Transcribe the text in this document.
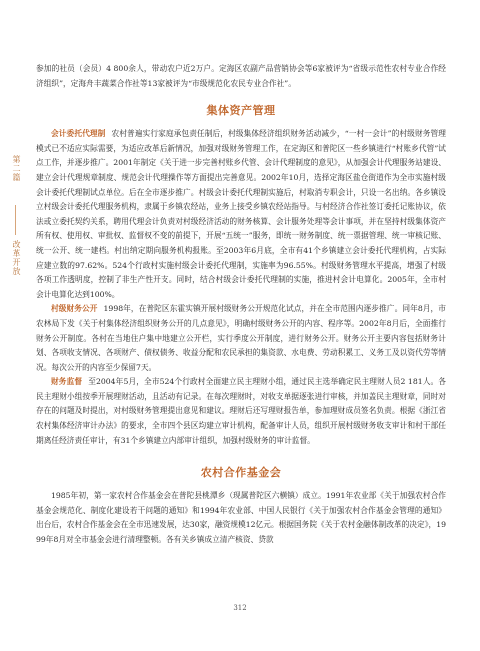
第二篇
改革开放

参加的社员（会员）4 800余人，带动农户近2万户。定海区农副产品营销协会等6家被评为“省级示范性农村专业合作经济组织”，定海舟丰蔬菜合作社等13家被评为“市级规范化农民专业合作社”。

集体资产管理

会计委托代理制 农村普遍实行家庭承包责任制后，村级集体经济组织财务活动减少，“一村一会计”的村级财务管理模式已不适应实际需要，为适应改革后新情况，加强对级财务管理工作，在定海区和普陀区一些乡镇进行“村账乡代管”试点工作，并逐步推广。2001年制定《关于进一步完善村账乡代管、会计代理制度的意见》，从加强会计代理服务站建设、建立会计代理规章制度、规范会计代理操作等方面提出完善意见。2002年10月，选择定海区盐仓街道作为全市实施村级会计委托代理制试点单位。后在全市逐步推广。村级会计委托代理制实施后，村取消专职会计，只设一名出纳。各乡镇设立村级会计委托代理服务机构，隶属于乡镇农经站，业务上接受乡镇农经站指导。与村经济合作社签订委托记账协议，依法或立委托契约关系，聘用代理会计负责对村级经济活动的财务核算、会计服务处理等会计事项，并在坚持村级集体资产所有权、使用权、审批权、监督权不变的前提下，开展“五统一”服务，即统一财务制度、统一票据管理、统一审核记账、统一公开、统一建档。村出纳定期向服务机构报账。至2003年6月底，全市有41个乡镇建立会计委托代理机构，占实际应建立数的97.62%。524个行政村实施村级会计委托代理制，实施率为96.55%。村级财务管理水平提高，增强了村级各项工作透明度，控制了非生产性开支。同时，结合村级会计委托代理制的实施，推进村会计电算化。2005年，全市村会计电算化达到100%。

村级财务公开 1998年，在普陀区东霍实镇开展村级财务公开规范化试点，并在全市范围内逐步推广。同年8月，市农林局下发《关于村集体经济组织财务公开的几点意见》，明确村级财务公开的内容、程序等。2002年8月后，全面推行财务公开制度。各村在当地住户集中地建立公开栏，实行季度公开制度，进行财务公开。财务公开主要内容包括财务计划、各项收支情况、各项财产、债权债务、收益分配和农民承担的集资款、水电费、劳动积累工、义务工及以资代劳等情况。每次公开的内容至少保留7天。

财务监督 至2004年5月，全市524个行政村全面建立民主理财小组，通过民主选举确定民主理财人员2 181人。各民主理财小组按季开展理财活动，且活动有记录。在每次理财时，对收支单据逐张进行审核，并加盖民主理财章，同时对存在的问题及时提出，对村级财务管理提出意见和建议。理财后还写理财报告单，参加理财成员签名负责。根据《浙江省农村集体经济审计办法》的要求，全市四个县区均建立审计机构，配备审计人员，组织开展村级财务收支审计和村干部任期离任经济责任审计，有31个乡镇建立内部审计组织，加强村级财务的审计监督。

农村合作基金会

1985年初，第一家农村合作基金会在普陀县桃潭乡（现属普陀区六横镇）成立。1991年农业部《关于加强农村合作基金会规范化、制度化建设若干问题的通知》和1994年农业部、中国人民银行《关于加强农村合作基金会管理的通知》出台后，农村合作基金会在全市迅速发展，达30家，融资规模12亿元。根据国务院《关于农村金融体制改革的决定》，1999年8月对全市基金会进行清理整顿。各有关乡镇成立清产核资、贷款

312
